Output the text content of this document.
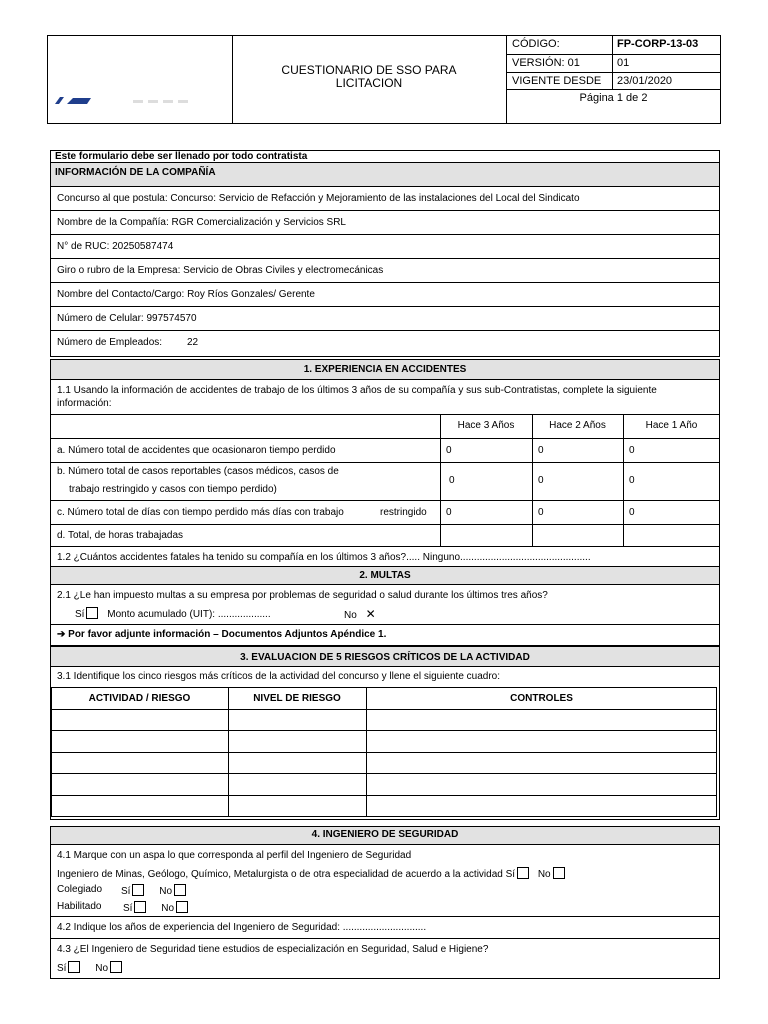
CUESTIONARIO DE SSO PARA
LICITACION
CÓDIGO:	FP-CORP-13-03
VERSIÓN: 01	01
VIGENTE DESDE 23/01/2020
Página 1 de 2
Este formulario debe ser llenado por todo contratista
INFORMACIÓN DE LA COMPAÑÍA
Concurso al que postula: Concurso: Servicio de Refacción y Mejoramiento de las instalaciones del Local del Sindicato
Nombre de la Compañía: RGR Comercialización y Servicios SRL
N° de RUC: 20250587474
Giro o rubro de la Empresa: Servicio de Obras Civiles y electromecánicas
Nombre del Contacto/Cargo: Roy Ríos Gonzales/ Gerente
Número de Celular: 997574570
Número de Empleados: 22
1. EXPERIENCIA EN ACCIDENTES
1.1 Usando la información de accidentes de trabajo de los últimos 3 años de su compañía y sus sub-Contratistas, complete la siguiente
información:
Hace 3 Años	Hace 2 Años	Hace 1 Año
a. Número total de accidentes que ocasionaron tiempo perdido	0	0	0
b. Número total de casos reportables (casos médicos, casos de
trabajo restringido y casos con tiempo perdido)
0	0	0
c. Número total de días con tiempo perdido más días con trabajo	restringido 0	0	0
d. Total, de horas trabajadas
1.2 ¿Cuántos accidentes fatales ha tenido su compañía en los últimos 3 años?..... Ninguno...............................................
2. MULTAS
2.1 ¿Le han impuesto multas a su empresa por problemas de seguridad o salud durante los últimos tres años?
Sí Monto acumulado (UIT): ...................	No ✕
➔ Por favor adjunte información – Documentos Adjuntos Apéndice 1.
3. EVALUACION DE 5 RIESGOS CRÍTICOS DE LA ACTIVIDAD
3.1 Identifique los cinco riesgos más críticos de la actividad del concurso y llene el siguiente cuadro:
ACTIVIDAD / RIESGO	NIVEL DE RIESGO	CONTROLES
4. INGENIERO DE SEGURIDAD
4.1 Marque con un aspa lo que corresponda al perfil del Ingeniero de Seguridad
Ingeniero de Minas, Geólogo, Químico, Metalurgista o de otra especialidad de acuerdo a la actividad Sí No
Colegiado Sí	No
Habilitado Sí	No
4.2 Indique los años de experiencia del Ingeniero de Seguridad: ..............................
4.3 ¿El Ingeniero de Seguridad tiene estudios de especialización en Seguridad, Salud e Higiene?
Sí	No
